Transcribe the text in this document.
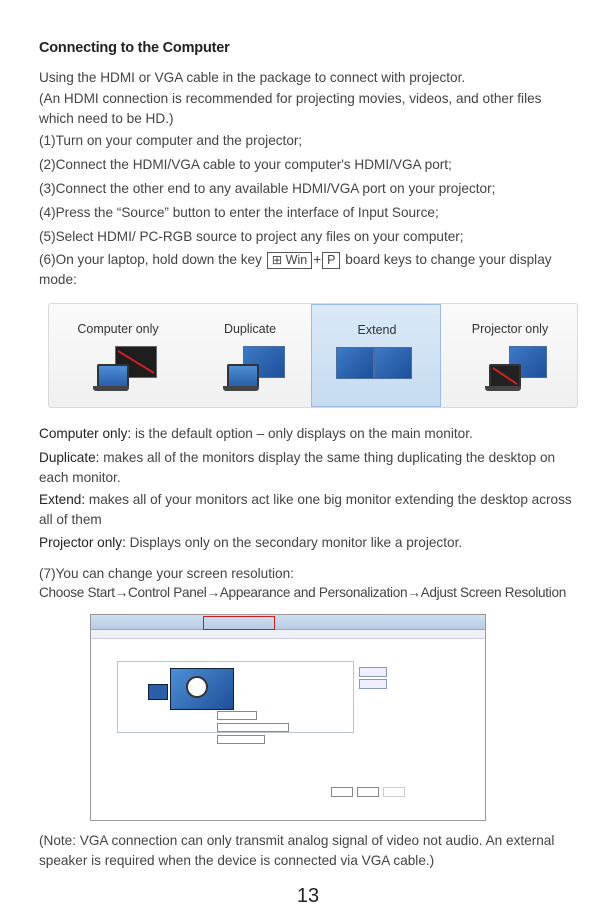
Connecting to the Computer
Using the HDMI or VGA cable in the package to connect with projector.
(An HDMI connection is recommended for projecting movies, videos, and other files which need to be HD.)
(1)Turn on your computer and the projector;
(2)Connect the HDMI/VGA cable to your computer's HDMI/VGA port;
(3)Connect the other end to any available HDMI/VGA port on your projector;
(4)Press the “Source” button to enter the interface of Input Source;
(5)Select HDMI/ PC-RGB source to project any files on your computer;
(6)On your laptop, hold down the key ⊞ Win + P board keys to change your display mode:
Computer only	Duplicate	Extend	Projector only
Computer only: is the default option – only displays on the main monitor.
Duplicate: makes all of the monitors display the same thing duplicating the desktop on each monitor.
Extend: makes all of your monitors act like one big monitor extending the desktop across all of them
Projector only: Displays only on the secondary monitor like a projector.
(7)You can change your screen resolution:
Choose Start→Control Panel→Appearance and Personalization→Adjust Screen Resolution
(Note: VGA connection can only transmit analog signal of video not audio. An external speaker is required when the device is connected via VGA cable.)
13
